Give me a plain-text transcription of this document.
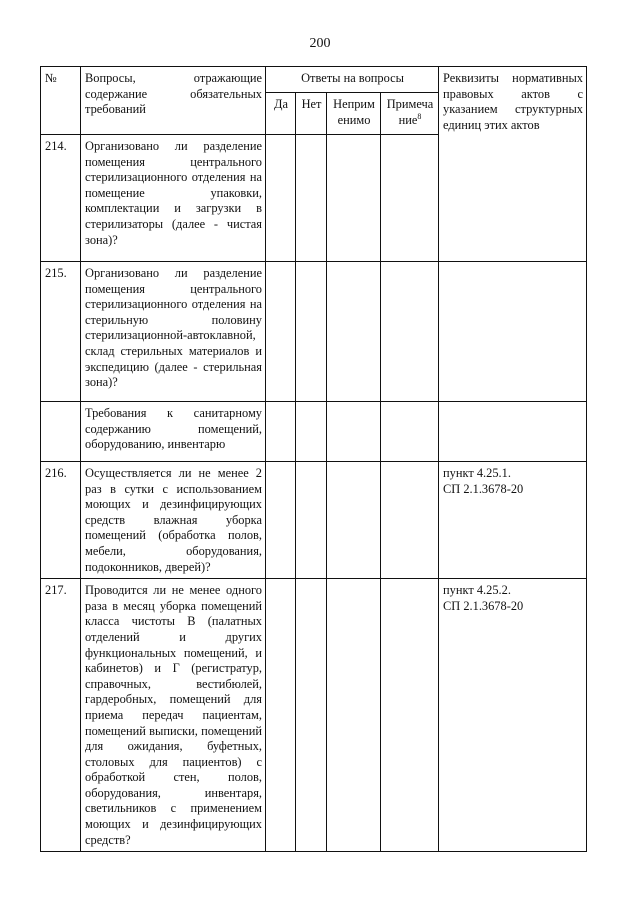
200
№	Вопросы, отражающие содержание обязательных требований	Ответы на вопросы				Реквизиты нормативных правовых актов с указанием структурных единиц этих актов
		Да	Нет	Неприм енимо	Примеча ние$^8$
214.	Организовано ли разделение помещения центрального стерилизационного отделения на помещение упаковки, комплектации и загрузки в стерилизаторы (далее - чистая зона)?					
215.	Организовано ли разделение помещения центрального стерилизационного отделения на стерильную половину стерилизационной-автоклавной, склад стерильных материалов и экспедицию (далее - стерильная зона)?					
	Требования к санитарному содержанию помещений, оборудованию, инвентарю					
216.	Осуществляется ли не менее 2 раз в сутки с использованием моющих и дезинфицирующих средств влажная уборка помещений (обработка полов, мебели, оборудования, подоконников, дверей)?					пункт 4.25.1.
СП 2.1.3678-20
217.	Проводится ли не менее одного раза в месяц уборка помещений класса чистоты В (палатных отделений и других функциональных помещений, и кабинетов) и Г (регистратур, справочных, вестибюлей, гардеробных, помещений для приема передач пациентам, помещений выписки, помещений для ожидания, буфетных, столовых для пациентов) с обработкой стен, полов, оборудования, инвентаря, светильников с применением моющих и дезинфицирующих средств?					пункт 4.25.2.
СП 2.1.3678-20
